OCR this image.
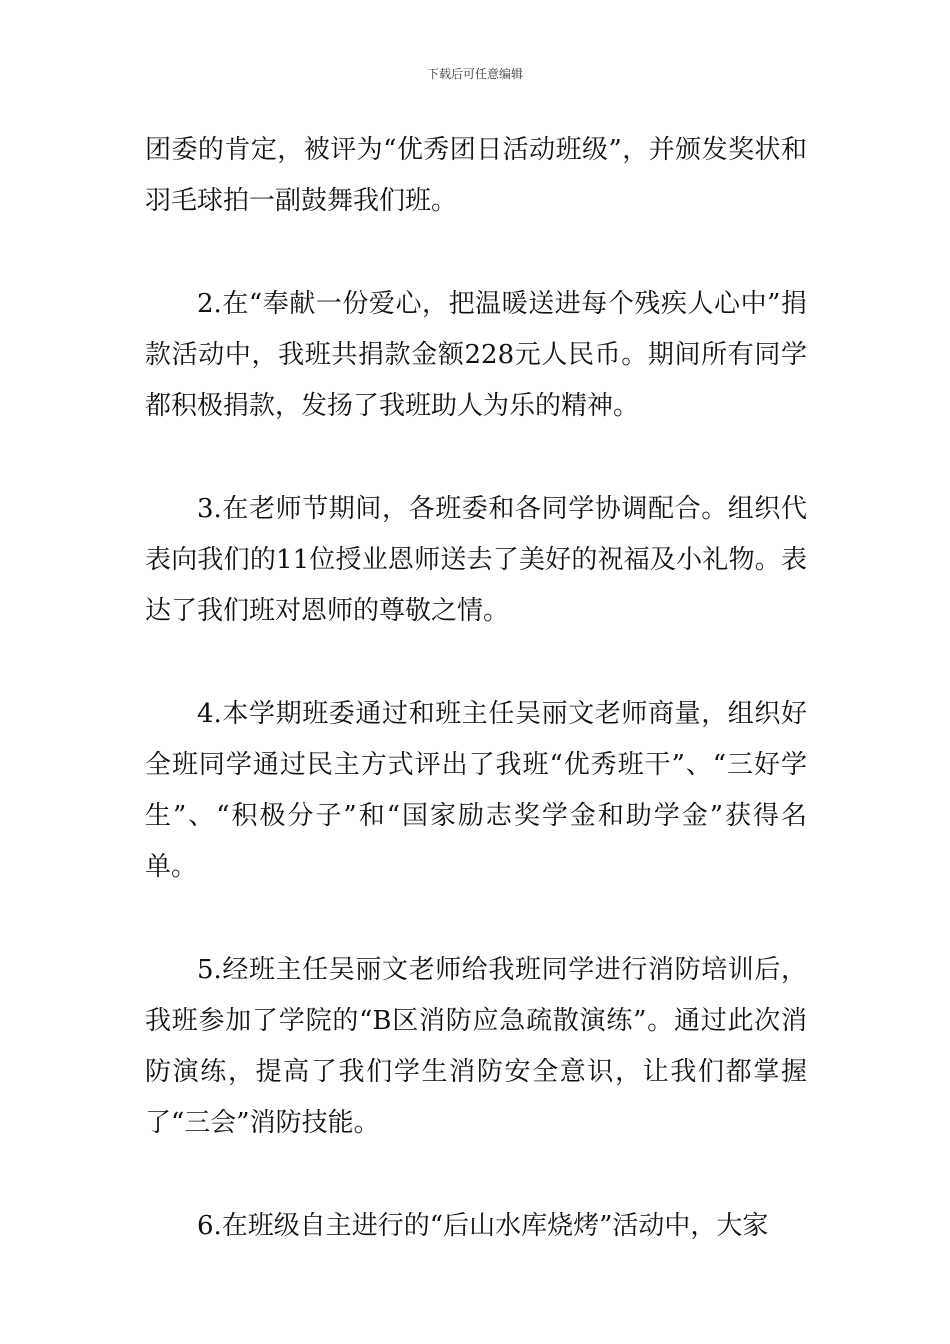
下载后可任意编辑

团委的肯定，被评为“优秀团日活动班级”，并颁发奖状和羽毛球拍一副鼓舞我们班。

2.在“奉献一份爱心，把温暖送进每个残疾人心中”捐款活动中，我班共捐款金额228元人民币。期间所有同学都积极捐款，发扬了我班助人为乐的精神。

3.在老师节期间，各班委和各同学协调配合。组织代表向我们的11位授业恩师送去了美好的祝福及小礼物。表达了我们班对恩师的尊敬之情。

4.本学期班委通过和班主任吴丽文老师商量，组织好全班同学通过民主方式评出了我班“优秀班干”、“三好学生”、“积极分子”和“国家励志奖学金和助学金”获得名单。

5.经班主任吴丽文老师给我班同学进行消防培训后，我班参加了学院的“B区消防应急疏散演练”。通过此次消防演练，提高了我们学生消防安全意识，让我们都掌握了“三会”消防技能。

6.在班级自主进行的“后山水库烧烤”活动中，大家
